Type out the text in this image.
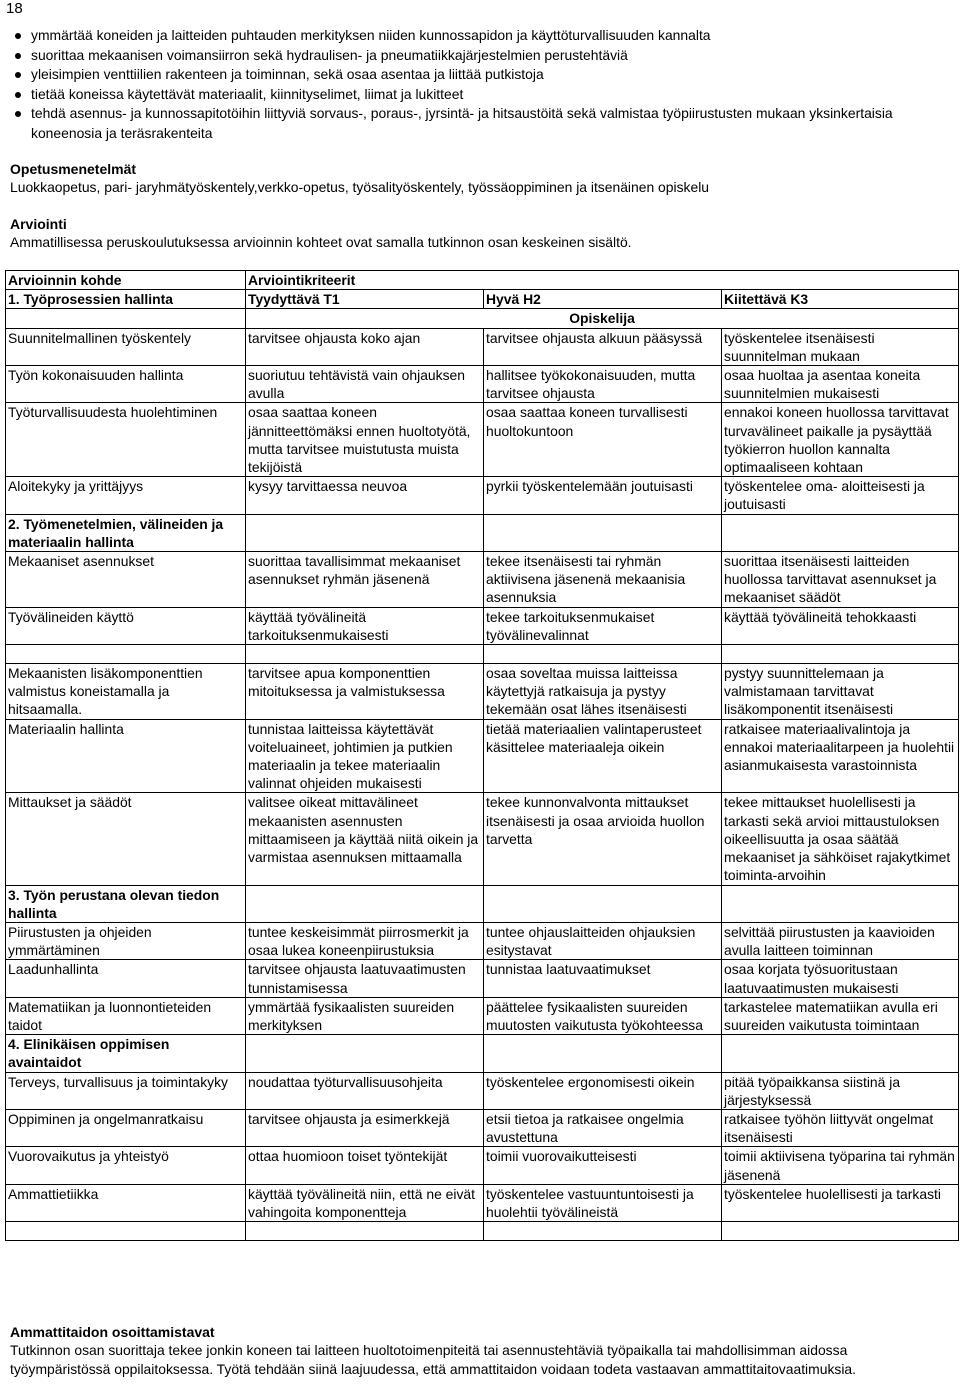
18
ymmärtää koneiden ja laitteiden puhtauden merkityksen niiden kunnossapidon ja käyttöturvallisuuden kannalta
suorittaa mekaanisen voimansiirron sekä hydraulisen- ja pneumatiikkajärjestelmien perustehtäviä
yleisimpien venttiilien rakenteen ja toiminnan, sekä osaa asentaa ja liittää putkistoja
tietää koneissa käytettävät materiaalit, kiinnityselimet, liimat ja lukitteet
tehdä asennus- ja kunnossapitotöihin liittyviä sorvaus-, poraus-, jyrsintä- ja hitsaustöitä sekä valmistaa työpiirustusten mukaan yksinkertaisia koneenosia ja teräsrakenteita
Opetusmenetelmät
Luokkaopetus, pari- jaryhmätyöskentely,verkko-opetus, työsalityöskentely, työssäoppiminen ja itsenäinen opiskelu
Arviointi
Ammatillisessa peruskoulutuksessa arvioinnin kohteet ovat samalla tutkinnon osan keskeinen sisältö.
Arvioinnin kohde	Arviointikriteerit		
1. Työprosessien hallinta	Tyydyttävä T1	Hyvä H2	Kiitettävä K3
	Opiskelija		
Suunnitelmallinen työskentely	tarvitsee ohjausta koko ajan	tarvitsee ohjausta alkuun pääsyssä	työskentelee itsenäisesti suunnitelman mukaan
Työn kokonaisuuden hallinta	suoriutuu tehtävistä vain ohjauksen avulla	hallitsee työkokonaisuuden, mutta tarvitsee ohjausta	osaa huoltaa ja asentaa koneita suunnitelmien mukaisesti
Työturvallisuudesta huolehtiminen	osaa saattaa koneen jännitteettömäksi ennen huoltotyötä, mutta tarvitsee muistutusta muista tekijöistä	osaa saattaa koneen turvallisesti huoltokuntoon	ennakoi koneen huollossa tarvittavat turvavälineet paikalle ja pysäyttää työkierron huollon kannalta optimaaliseen kohtaan
Aloitekyky ja yrittäjyys	kysyy tarvittaessa neuvoa	pyrkii työskentelemään joutuisasti	työskentelee oma- aloitteisesti ja joutuisasti
2. Työmenetelmien, välineiden ja materiaalin hallinta			
Mekaaniset asennukset	suorittaa tavallisimmat mekaaniset asennukset ryhmän jäsenenä	tekee itsenäisesti tai ryhmän aktiivisena jäsenenä mekaanisia asennuksia	suorittaa itsenäisesti laitteiden huollossa tarvittavat asennukset ja mekaaniset säädöt
Työvälineiden käyttö	käyttää työvälineitä tarkoituksenmukaisesti	tekee tarkoituksenmukaiset työvälinevalinnat	käyttää työvälineitä tehokkaasti

Mekaanisten lisäkomponenttien valmistus koneistamalla ja hitsaamalla.	tarvitsee apua komponenttien mitoituksessa ja valmistuksessa	osaa soveltaa muissa laitteissa käytettyjä ratkaisuja ja pystyy tekemään osat lähes itsenäisesti	pystyy suunnittelemaan ja valmistamaan tarvittavat lisäkomponentit itsenäisesti
Materiaalin hallinta	tunnistaa laitteissa käytettävät voiteluaineet, johtimien ja putkien materiaalin ja tekee materiaalin valinnat ohjeiden mukaisesti	tietää materiaalien valintaperusteet käsittelee materiaaleja oikein	ratkaisee materiaalivalintoja ja ennakoi materiaalitarpeen ja huolehtii asianmukaisesta varastoinnista
Mittaukset ja säädöt	valitsee oikeat mittavälineet mekaanisten asennusten mittaamiseen ja käyttää niitä oikein ja varmistaa asennuksen mittaamalla	tekee kunnonvalvonta mittaukset itsenäisesti ja osaa arvioida huollon tarvetta	tekee mittaukset huolellisesti ja tarkasti sekä arvioi mittaustuloksen oikeellisuutta ja osaa säätää mekaaniset ja sähköiset rajakytkimet toiminta-arvoihin
3. Työn perustana olevan tiedon hallinta			
Piirustusten ja ohjeiden ymmärtäminen	tuntee keskeisimmät piirrosmerkit ja osaa lukea koneenpiirustuksia	tuntee ohjauslaitteiden ohjauksien esitystavat	selvittää piirustusten ja kaavioiden avulla laitteen toiminnan
Laadunhallinta	tarvitsee ohjausta laatuvaatimusten tunnistamisessa	tunnistaa laatuvaatimukset	osaa korjata työsuoritustaan laatuvaatimusten mukaisesti
Matematiikan ja luonnontieteiden taidot	ymmärtää fysikaalisten suureiden merkityksen	päättelee fysikaalisten suureiden muutosten vaikutusta työkohteessa	tarkastelee matematiikan avulla eri suureiden vaikutusta toimintaan
4. Elinikäisen oppimisen avaintaidot			
Terveys, turvallisuus ja toimintakyky	noudattaa työturvallisuusohjeita	työskentelee ergonomisesti oikein	pitää työpaikkansa siistinä ja järjestyksessä
Oppiminen ja ongelmanratkaisu	tarvitsee ohjausta ja esimerkkejä	etsii tietoa ja ratkaisee ongelmia avustettuna	ratkaisee työhön liittyvät ongelmat itsenäisesti
Vuorovaikutus ja yhteistyö	ottaa huomioon toiset työntekijät	toimii vuorovaikutteisesti	toimii aktiivisena työparina tai ryhmän jäsenenä
Ammattietiikka	käyttää työvälineitä niin, että ne eivät vahingoita komponentteja	työskentelee vastuuntuntoisesti ja huolehtii työvälineistä	työskentelee huolellisesti ja tarkasti

Ammattitaidon osoittamistavat
Tutkinnon osan suorittaja tekee jonkin koneen tai laitteen huoltotoimenpiteitä tai asennustehtäviä työpaikalla tai mahdollisimman aidossa työympäristössä oppilaitoksessa. Työtä tehdään siinä laajuudessa, että ammattitaidon voidaan todeta vastaavan ammattitaitovaatimuksia.
